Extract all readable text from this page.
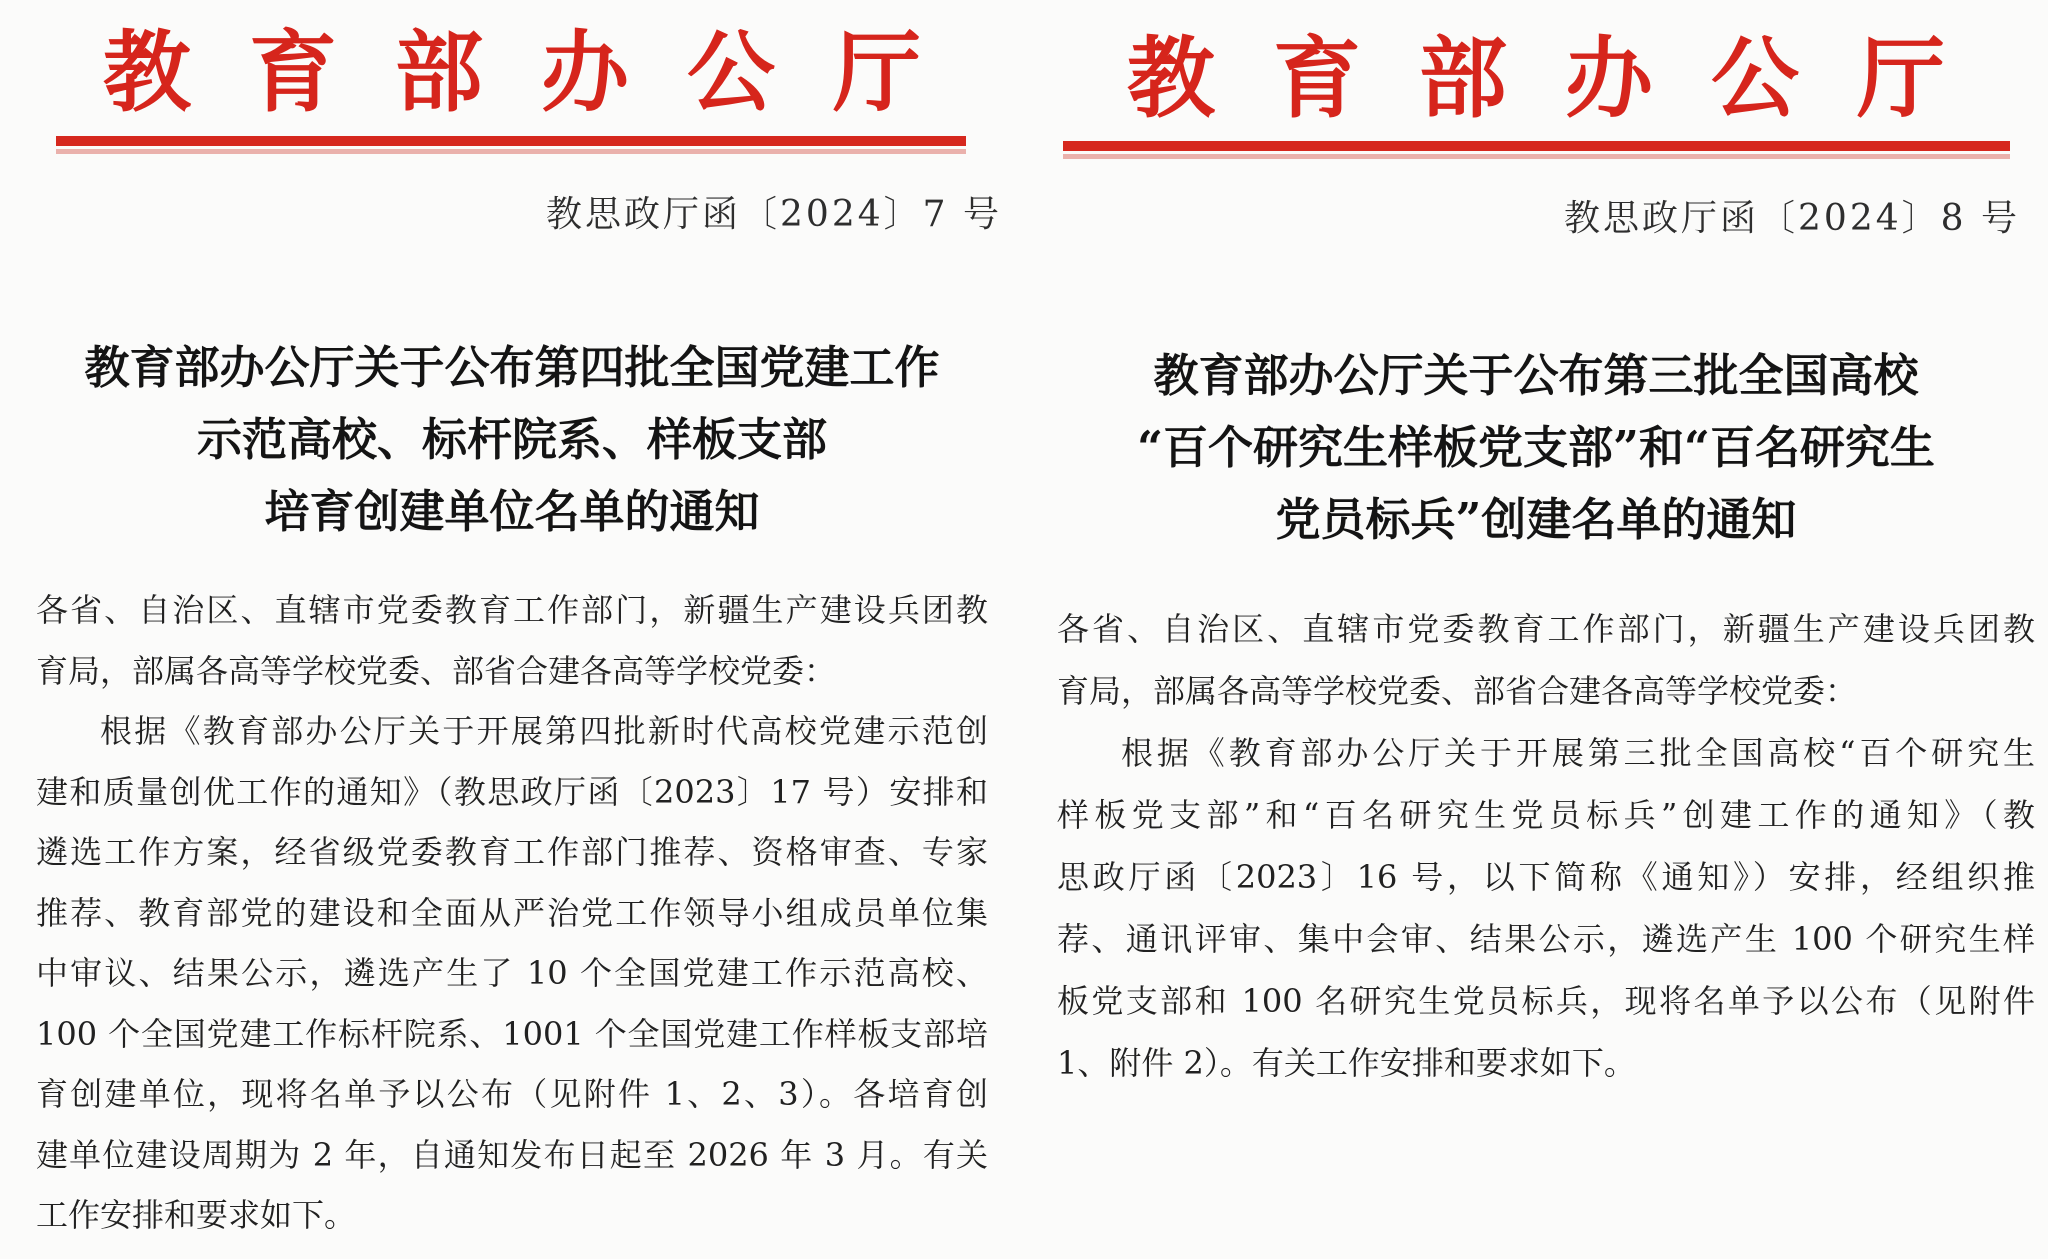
教育部办公厅
教思政厅函〔2024〕7 号
教育部办公厅关于公布第四批全国党建工作
示范高校、标杆院系、样板支部
培育创建单位名单的通知
各省、自治区、直辖市党委教育工作部门，新疆生产建设兵团教
育局，部属各高等学校党委、部省合建各高等学校党委：
根据《教育部办公厅关于开展第四批新时代高校党建示范创
建和质量创优工作的通知》（教思政厅函〔2023〕17 号）安排和
遴选工作方案，经省级党委教育工作部门推荐、资格审查、专家
推荐、教育部党的建设和全面从严治党工作领导小组成员单位集
中审议、结果公示，遴选产生了 10 个全国党建工作示范高校、
100 个全国党建工作标杆院系、1001 个全国党建工作样板支部培
育创建单位，现将名单予以公布（见附件 1、2、3）。各培育创
建单位建设周期为 2 年，自通知发布日起至 2026 年 3 月。有关
工作安排和要求如下。
教育部办公厅
教思政厅函〔2024〕8 号
教育部办公厅关于公布第三批全国高校
“百个研究生样板党支部”和“百名研究生
党员标兵”创建名单的通知
各省、自治区、直辖市党委教育工作部门，新疆生产建设兵团教
育局，部属各高等学校党委、部省合建各高等学校党委：
根据《教育部办公厅关于开展第三批全国高校“百个研究生
样板党支部”和“百名研究生党员标兵”创建工作的通知》（教
思政厅函〔2023〕16 号，以下简称《通知》）安排，经组织推
荐、通讯评审、集中会审、结果公示，遴选产生 100 个研究生样
板党支部和 100 名研究生党员标兵，现将名单予以公布（见附件
1、附件 2）。有关工作安排和要求如下。
